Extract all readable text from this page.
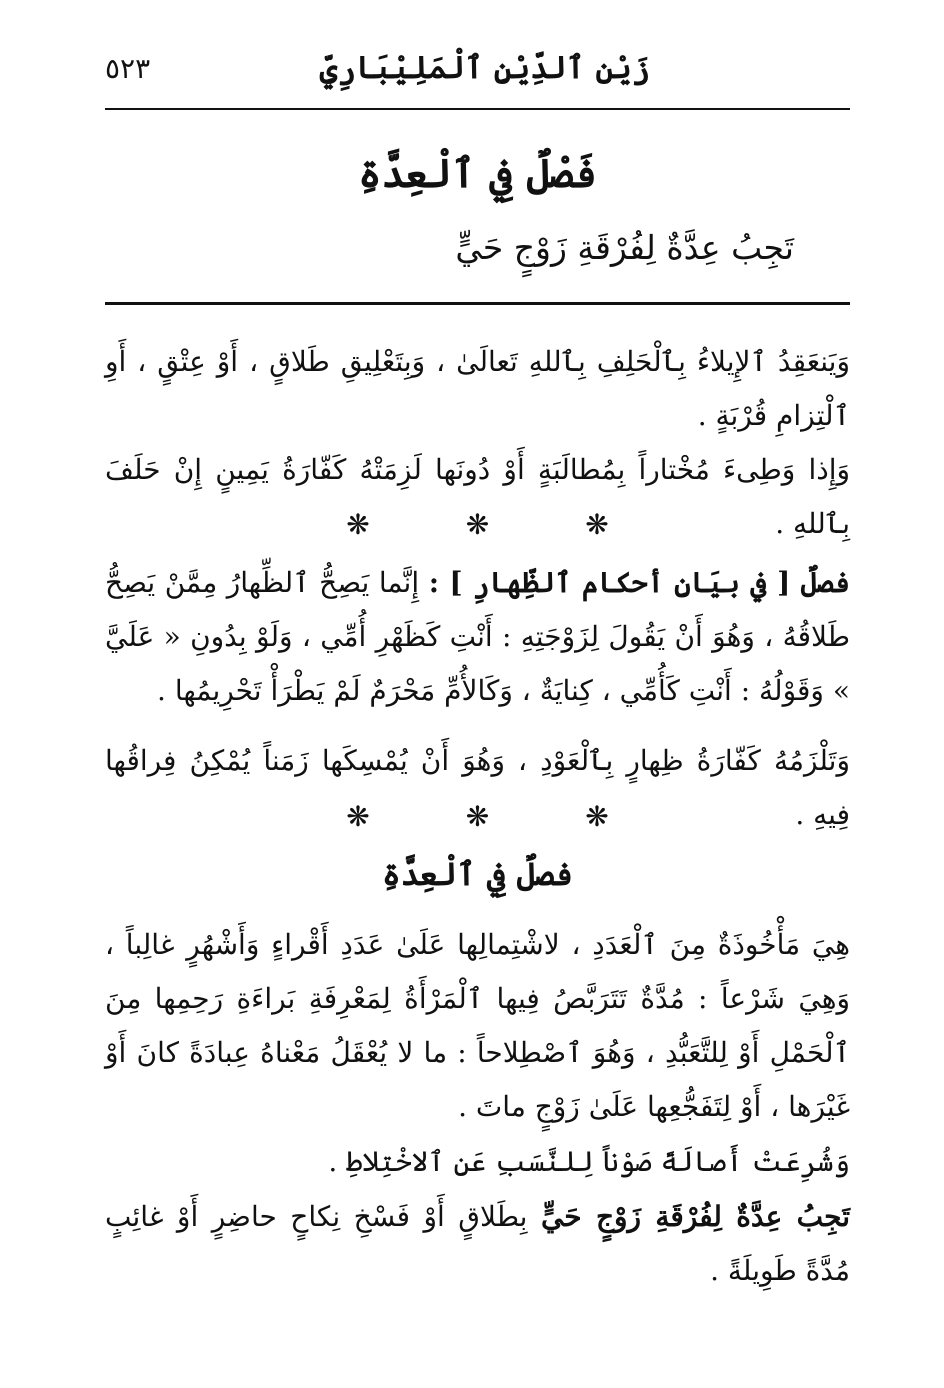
زَيْن ٱلدِّيْنِ ٱلْمَلِيْبَارِيِّ
٥٢٣
فَصْلٌ فِي ٱلْعِدَّةِ
تَجِبُ عِدَّةٌ لِفُرْقَةِ زَوْجٍ حَيٍّ

وَيَنعَقِدُ ٱلإِيلاءُ بِٱلْحَلِفِ بِٱللهِ تَعالَىٰ ، وَبِتَعْلِيقِ طَلاقٍ ، أَوْ عِتْقٍ ، أَوِ ٱلْتِزامِ قُرْبَةٍ .

وَإِذا وَطِىءَ مُخْتاراً بِمُطالَبَةٍ أَوْ دُونَها لَزِمَتْهُ كَفّارَةُ يَمِينٍ إِنْ حَلَفَ بِٱللهِ .

❋❋❋

فصلٌ [ في بيَانِ أحكام ٱلظِّهارِ ] : إِنَّما يَصِحُّ ٱلظِّهارُ مِمَّنْ يَصِحُّ طَلاقُهُ ، وَهُوَ أَنْ يَقُولَ لِزَوْجَتِهِ : أَنْتِ كَظَهْرِ أُمِّي ، وَلَوْ بِدُونِ « عَلَيَّ » وَقَوْلُهُ : أَنْتِ كَأُمِّي ، كِنايَةٌ ، وَكَالأُمِّ مَحْرَمٌ لَمْ يَطْرَأْ تَحْرِيمُها .

وَتَلْزَمُهُ كَفّارَةُ ظِهارٍ بِٱلْعَوْدِ ، وَهُوَ أَنْ يُمْسِكَها زَمَناً يُمْكِنُ فِراقُها فِيهِ .

❋❋❋
فصلٌ فِي ٱلْعِدَّةِ

هِيَ مَأْخُوذَةٌ مِنَ ٱلْعَدَدِ ، لاشْتِمالِها عَلَىٰ عَدَدِ أَقْراءٍ وَأَشْهُرٍ غالِباً ، وَهِيَ شَرْعاً : مُدَّةٌ تَتَرَبَّصُ فِيها ٱلْمَرْأَةُ لِمَعْرِفَةِ بَراءَةِ رَحِمِها مِنَ ٱلْحَمْلِ أَوْ لِلتَّعَبُّدِ ، وَهُوَ ٱصْطِلاحاً : ما لا يُعْقَلُ مَعْناهُ عِبادَةً كانَ أَوْ غَيْرَها ، أَوْ لِتَفَجُّعِها عَلَىٰ زَوْجٍ ماتَ .

وَشُرِعَتْ أَصالَةً صَوْناً لِلنَّسَبِ عَنِ ٱلاخْتِلاطِ .

تَجِبُ عِدَّةٌ لِفُرْقَةِ زَوْجٍ حَيٍّ بِطَلاقٍ أَوْ فَسْخِ نِكاحٍ حاضِرٍ أَوْ غائِبٍ مُدَّةً طَوِيلَةً .
